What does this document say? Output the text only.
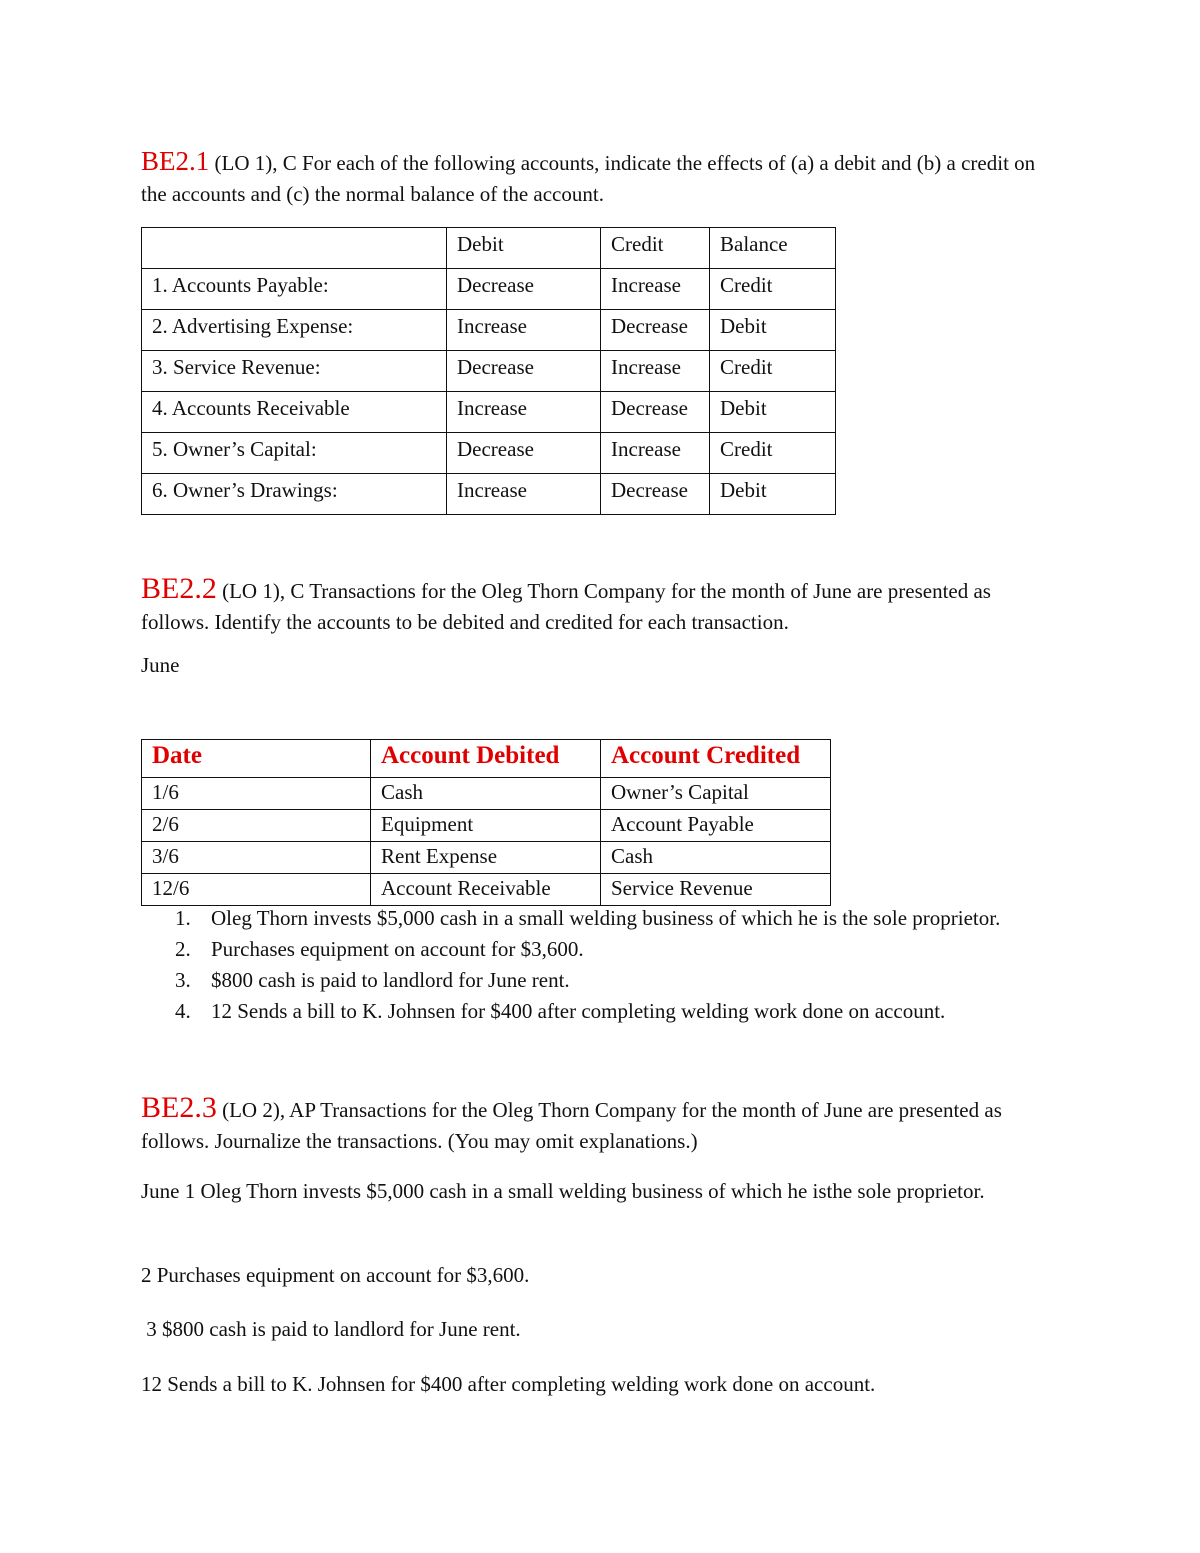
BE2.1 (LO 1), C For each of the following accounts, indicate the effects of (a) a debit and (b) a credit on the accounts and (c) the normal balance of the account.

	Debit	Credit	Balance
1. Accounts Payable:	Decrease	Increase	Credit
2. Advertising Expense:	Increase	Decrease	Debit
3. Service Revenue:	Decrease	Increase	Credit
4. Accounts Receivable	Increase	Decrease	Debit
5. Owner’s Capital:	Decrease	Increase	Credit
6. Owner’s Drawings:	Increase	Decrease	Debit

BE2.2 (LO 1), C Transactions for the Oleg Thorn Company for the month of June are presented as follows. Identify the accounts to be debited and credited for each transaction.

June

Date	Account Debited	Account Credited
1/6	Cash	Owner’s Capital
2/6	Equipment	Account Payable
3/6	Rent Expense	Cash
12/6	Account Receivable	Service Revenue
1. Oleg Thorn invests $5,000 cash in a small welding business of which he is the sole proprietor.
2. Purchases equipment on account for $3,600.
3. $800 cash is paid to landlord for June rent.
4. 12 Sends a bill to K. Johnsen for $400 after completing welding work done on account.

BE2.3 (LO 2), AP Transactions for the Oleg Thorn Company for the month of June are presented as follows. Journalize the transactions. (You may omit explanations.)

June 1 Oleg Thorn invests $5,000 cash in a small welding business of which he isthe sole proprietor.

2 Purchases equipment on account for $3,600.

3 $800 cash is paid to landlord for June rent.

12 Sends a bill to K. Johnsen for $400 after completing welding work done on account.
